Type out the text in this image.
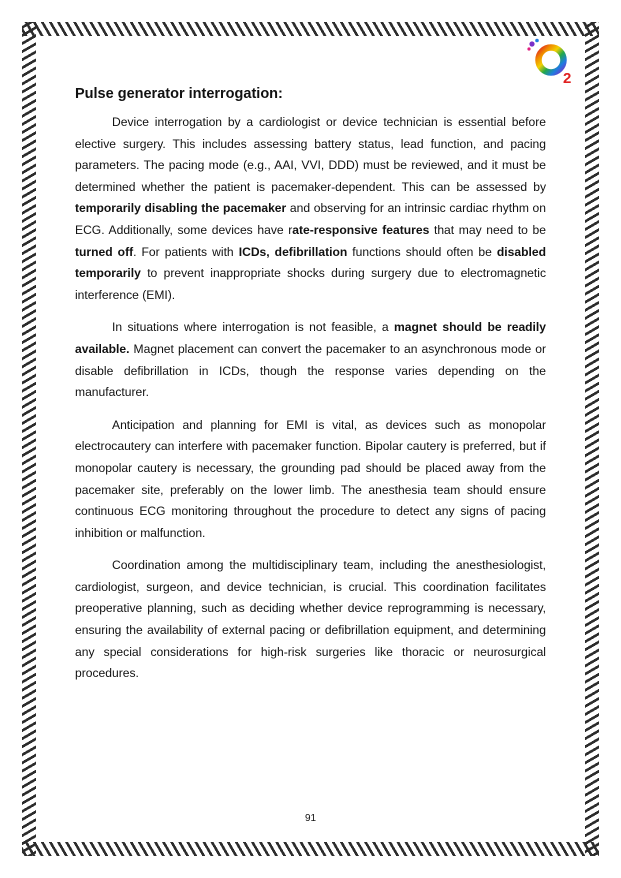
2
Pulse generator interrogation:

Device interrogation by a cardiologist or device technician is essential before elective surgery. This includes assessing battery status, lead function, and pacing parameters. The pacing mode (e.g., AAI, VVI, DDD) must be reviewed, and it must be determined whether the patient is pacemaker-dependent. This can be assessed by temporarily disabling the pacemaker and observing for an intrinsic cardiac rhythm on ECG. Additionally, some devices have rate-responsive features that may need to be turned off. For patients with ICDs, defibrillation functions should often be disabled temporarily to prevent inappropriate shocks during surgery due to electromagnetic interference (EMI).

In situations where interrogation is not feasible, a magnet should be readily available. Magnet placement can convert the pacemaker to an asynchronous mode or disable defibrillation in ICDs, though the response varies depending on the manufacturer.

Anticipation and planning for EMI is vital, as devices such as monopolar electrocautery can interfere with pacemaker function. Bipolar cautery is preferred, but if monopolar cautery is necessary, the grounding pad should be placed away from the pacemaker site, preferably on the lower limb. The anesthesia team should ensure continuous ECG monitoring throughout the procedure to detect any signs of pacing inhibition or malfunction.

Coordination among the multidisciplinary team, including the anesthesiologist, cardiologist, surgeon, and device technician, is crucial. This coordination facilitates preoperative planning, such as deciding whether device reprogramming is necessary, ensuring the availability of external pacing or defibrillation equipment, and determining any special considerations for high-risk surgeries like thoracic or neurosurgical procedures.

91
